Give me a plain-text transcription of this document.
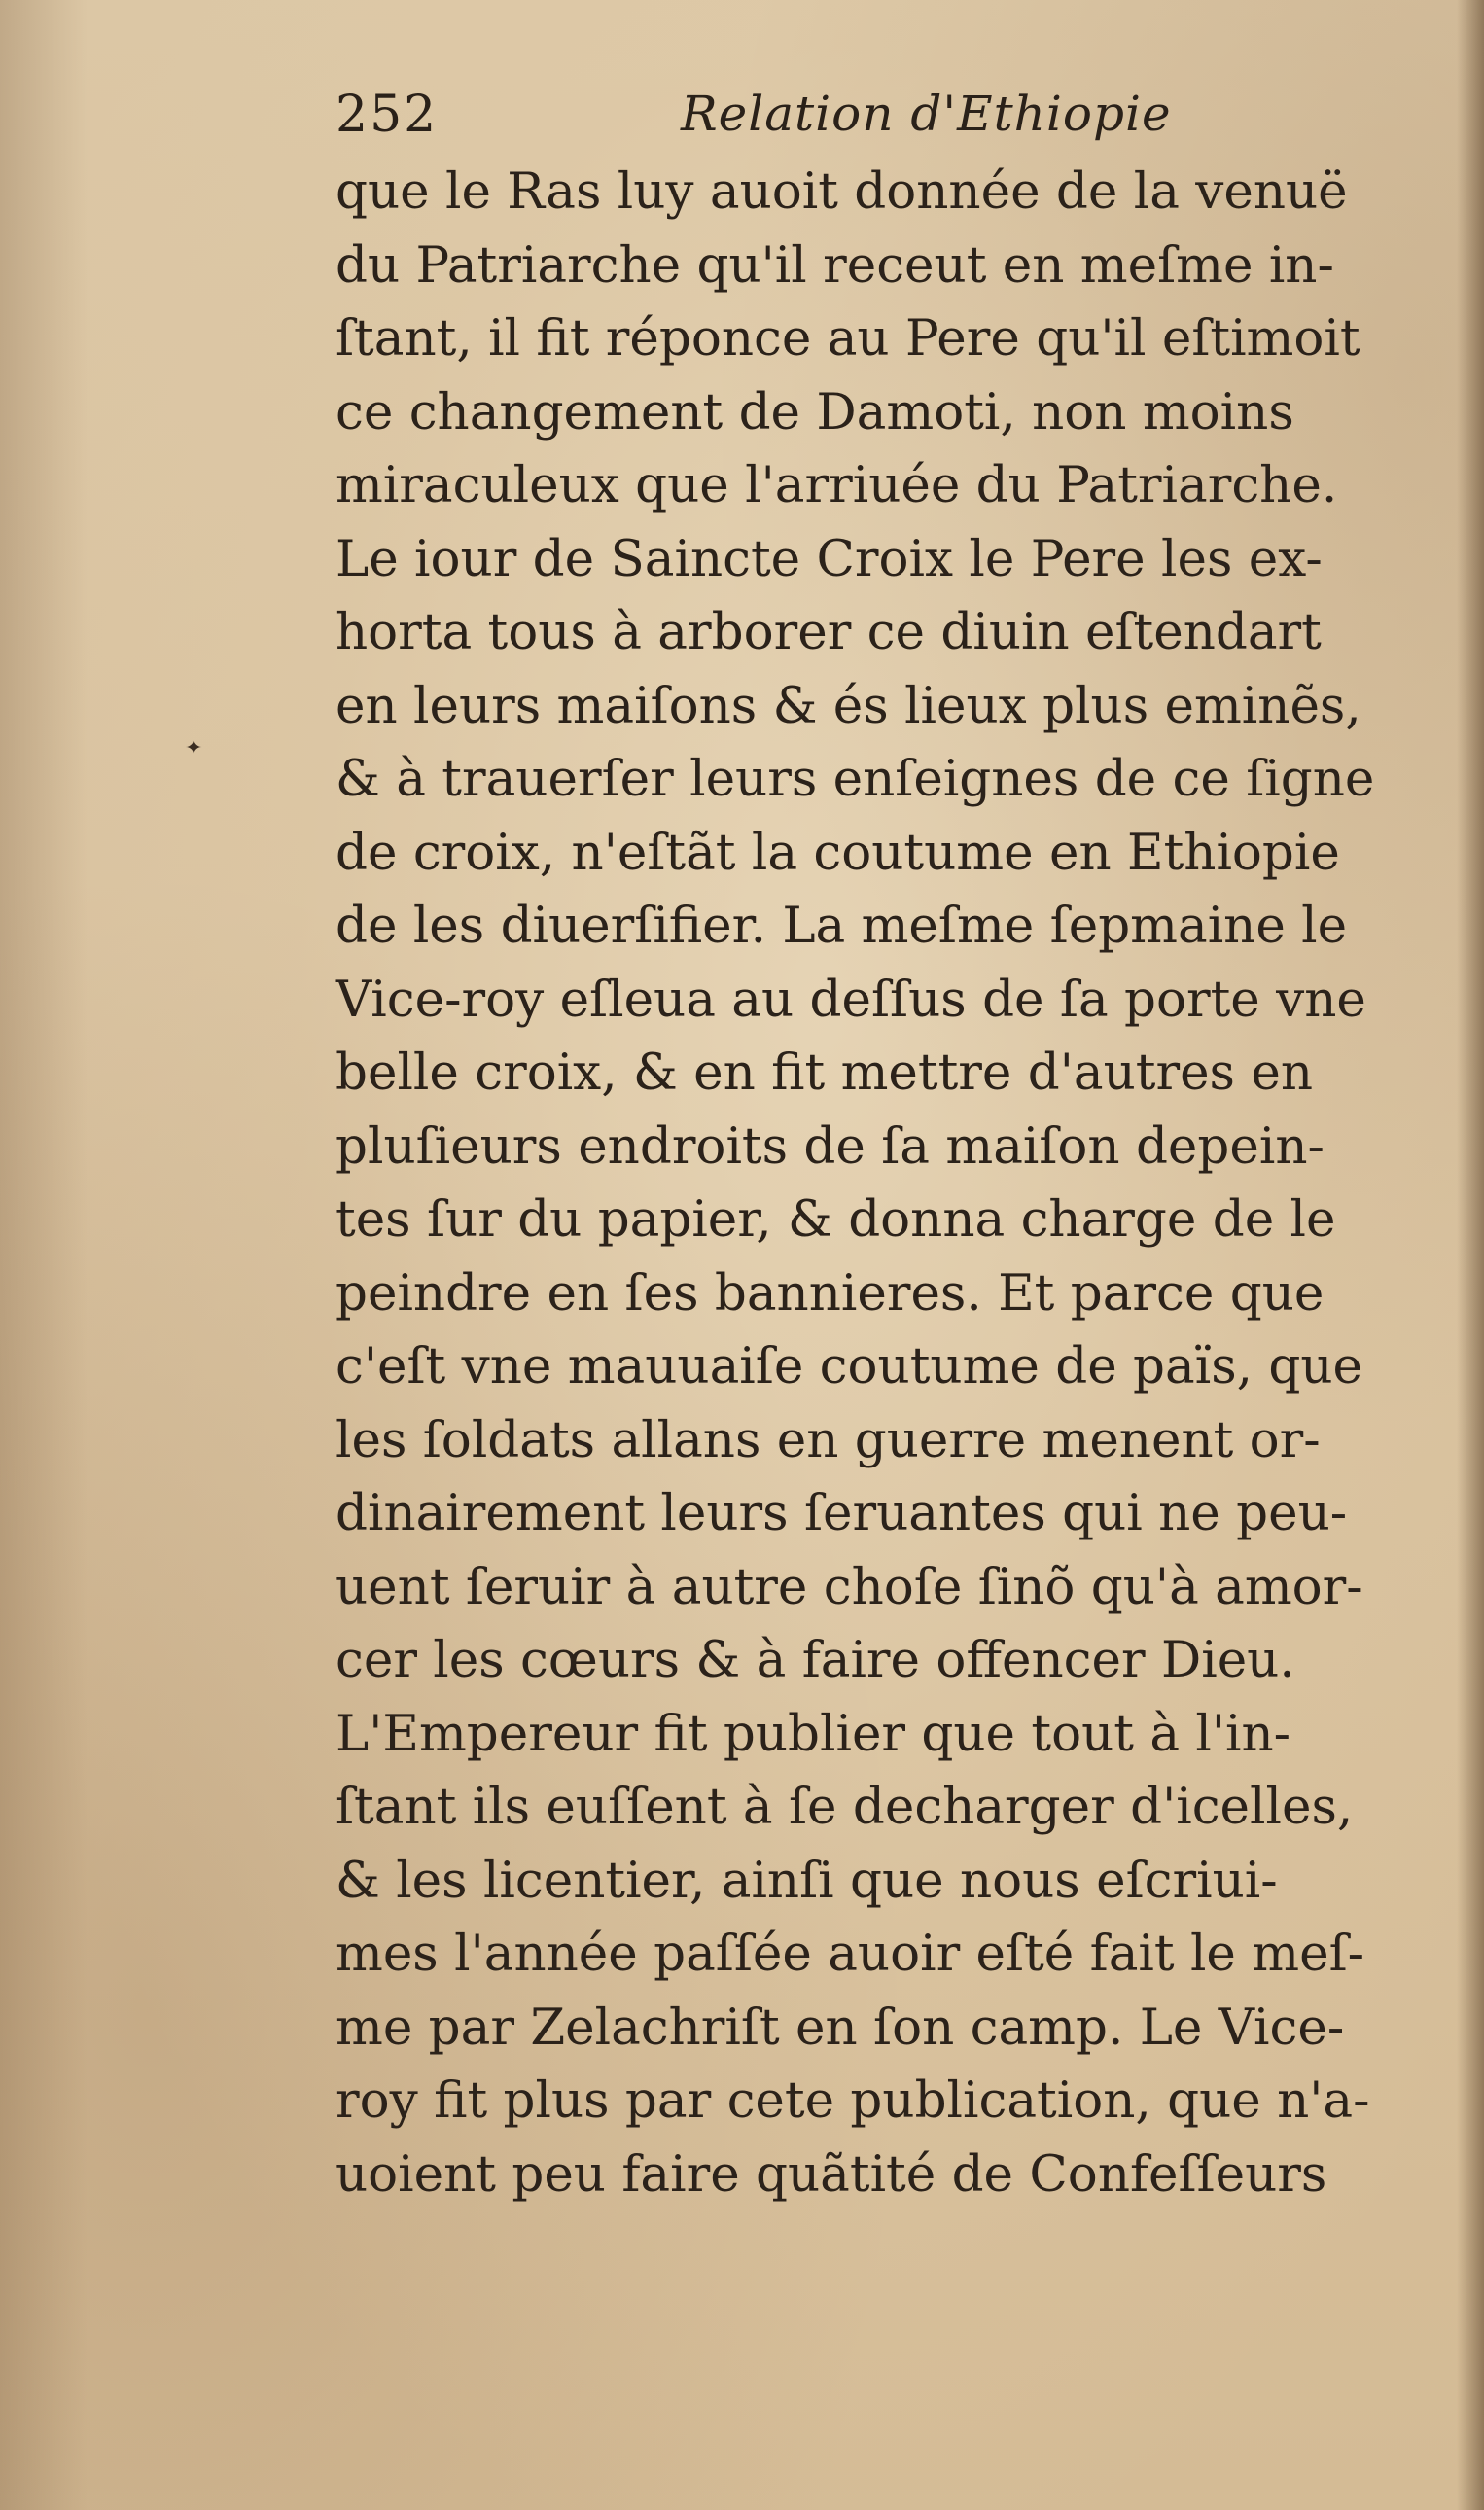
252	Relation d'Ethiopie
✦
que le Ras luy auoit donnée de la venuë
du Patriarche qu'il receut en meſme in-
ſtant, il fit réponce au Pere qu'il eſtimoit
ce changement de Damoti, non moins
miraculeux que l'arriuée du Patriarche.
Le iour de Saincte Croix le Pere les ex-
horta tous à arborer ce diuin eſtendart
en leurs maiſons & és lieux plus eminẽs,
& à trauerſer leurs enſeignes de ce ſigne
de croix, n'eſtãt la coutume en Ethiopie
de les diuerſifier. La meſme ſepmaine le
Vice-roy eſleua au deſſus de ſa porte vne
belle croix, & en fit mettre d'autres en
pluſieurs endroits de ſa maiſon depein-
tes ſur du papier, & donna charge de le
peindre en ſes bannieres. Et parce que
c'eſt vne mauuaiſe coutume de païs, que
les ſoldats allans en guerre menent or-
dinairement leurs ſeruantes qui ne peu-
uent ſeruir à autre choſe ſinõ qu'à amor-
cer les cœurs & à faire offencer Dieu.
L'Empereur fit publier que tout à l'in-
ſtant ils euſſent à ſe decharger d'icelles,
& les licentier, ainſi que nous eſcriui-
mes l'année paſſée auoir eſté fait le meſ-
me par Zelachriſt en ſon camp. Le Vice-
roy fit plus par cete publication, que n'a-
uoient peu faire quãtité de Confeſſeurs
